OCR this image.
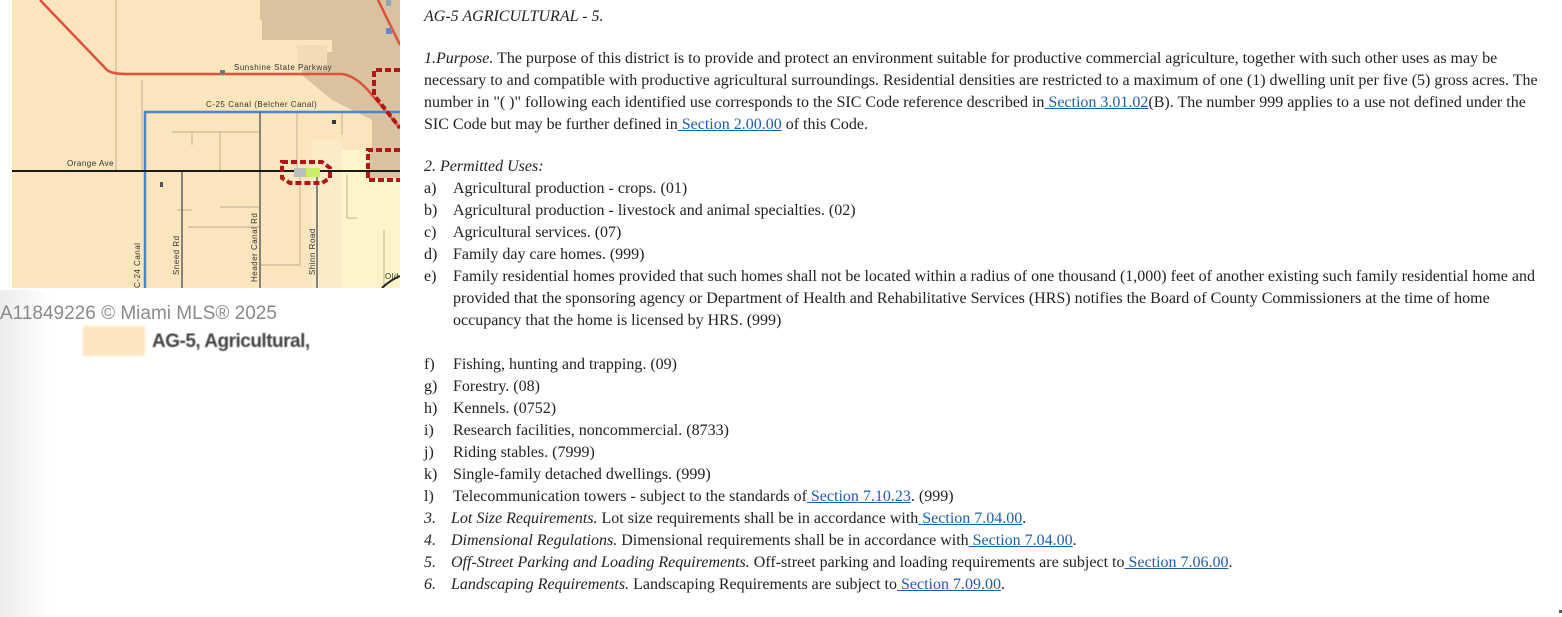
Sunshine State Parkway
C-25 Canal (Belcher Canal)
Orange Ave
C-24 Canal	Sneed Rd	Header Canal Rd	Shinn Road
Old
A11849226 © Miami MLS® 2025
AG-5, Agricultural,

AG-5 AGRICULTURAL - 5.

1.Purpose. The purpose of this district is to provide and protect an environment suitable for productive commercial agriculture, together with such other uses as may be necessary to and compatible with productive agricultural surroundings. Residential densities are restricted to a maximum of one (1) dwelling unit per five (5) gross acres. The number in "( )" following each identified use corresponds to the SIC Code reference described in Section 3.01.02(B). The number 999 applies to a use not defined under the SIC Code but may be further defined in Section 2.00.00 of this Code.

2. Permitted Uses:

a)	Agricultural production - crops. (01)
b) Agricultural production - livestock and animal specialties. (02)
c)	Agricultural services. (07)
d) Family day care homes. (999)
e)	Family residential homes provided that such homes shall not be located within a radius of one thousand (1,000) feet of another existing such family residential home and provided that the sponsoring agency or Department of Health and Rehabilitative Services (HRS) notifies the Board of County Commissioners at the time of home occupancy that the home is licensed by HRS. (999)
f)	Fishing, hunting and trapping. (09)
g) Forestry. (08)
h) Kennels. (0752)
i)	Research facilities, noncommercial. (8733)
j)	Riding stables. (7999)
k) Single-family detached dwellings. (999)
l)	Telecommunication towers - subject to the standards of Section 7.10.23. (999)
3. Lot Size Requirements. Lot size requirements shall be in accordance with Section 7.04.00.
4. Dimensional Regulations. Dimensional requirements shall be in accordance with Section 7.04.00.
5. Off-Street Parking and Loading Requirements. Off-street parking and loading requirements are subject to Section 7.06.00.
6. Landscaping Requirements. Landscaping Requirements are subject to Section 7.09.00.
